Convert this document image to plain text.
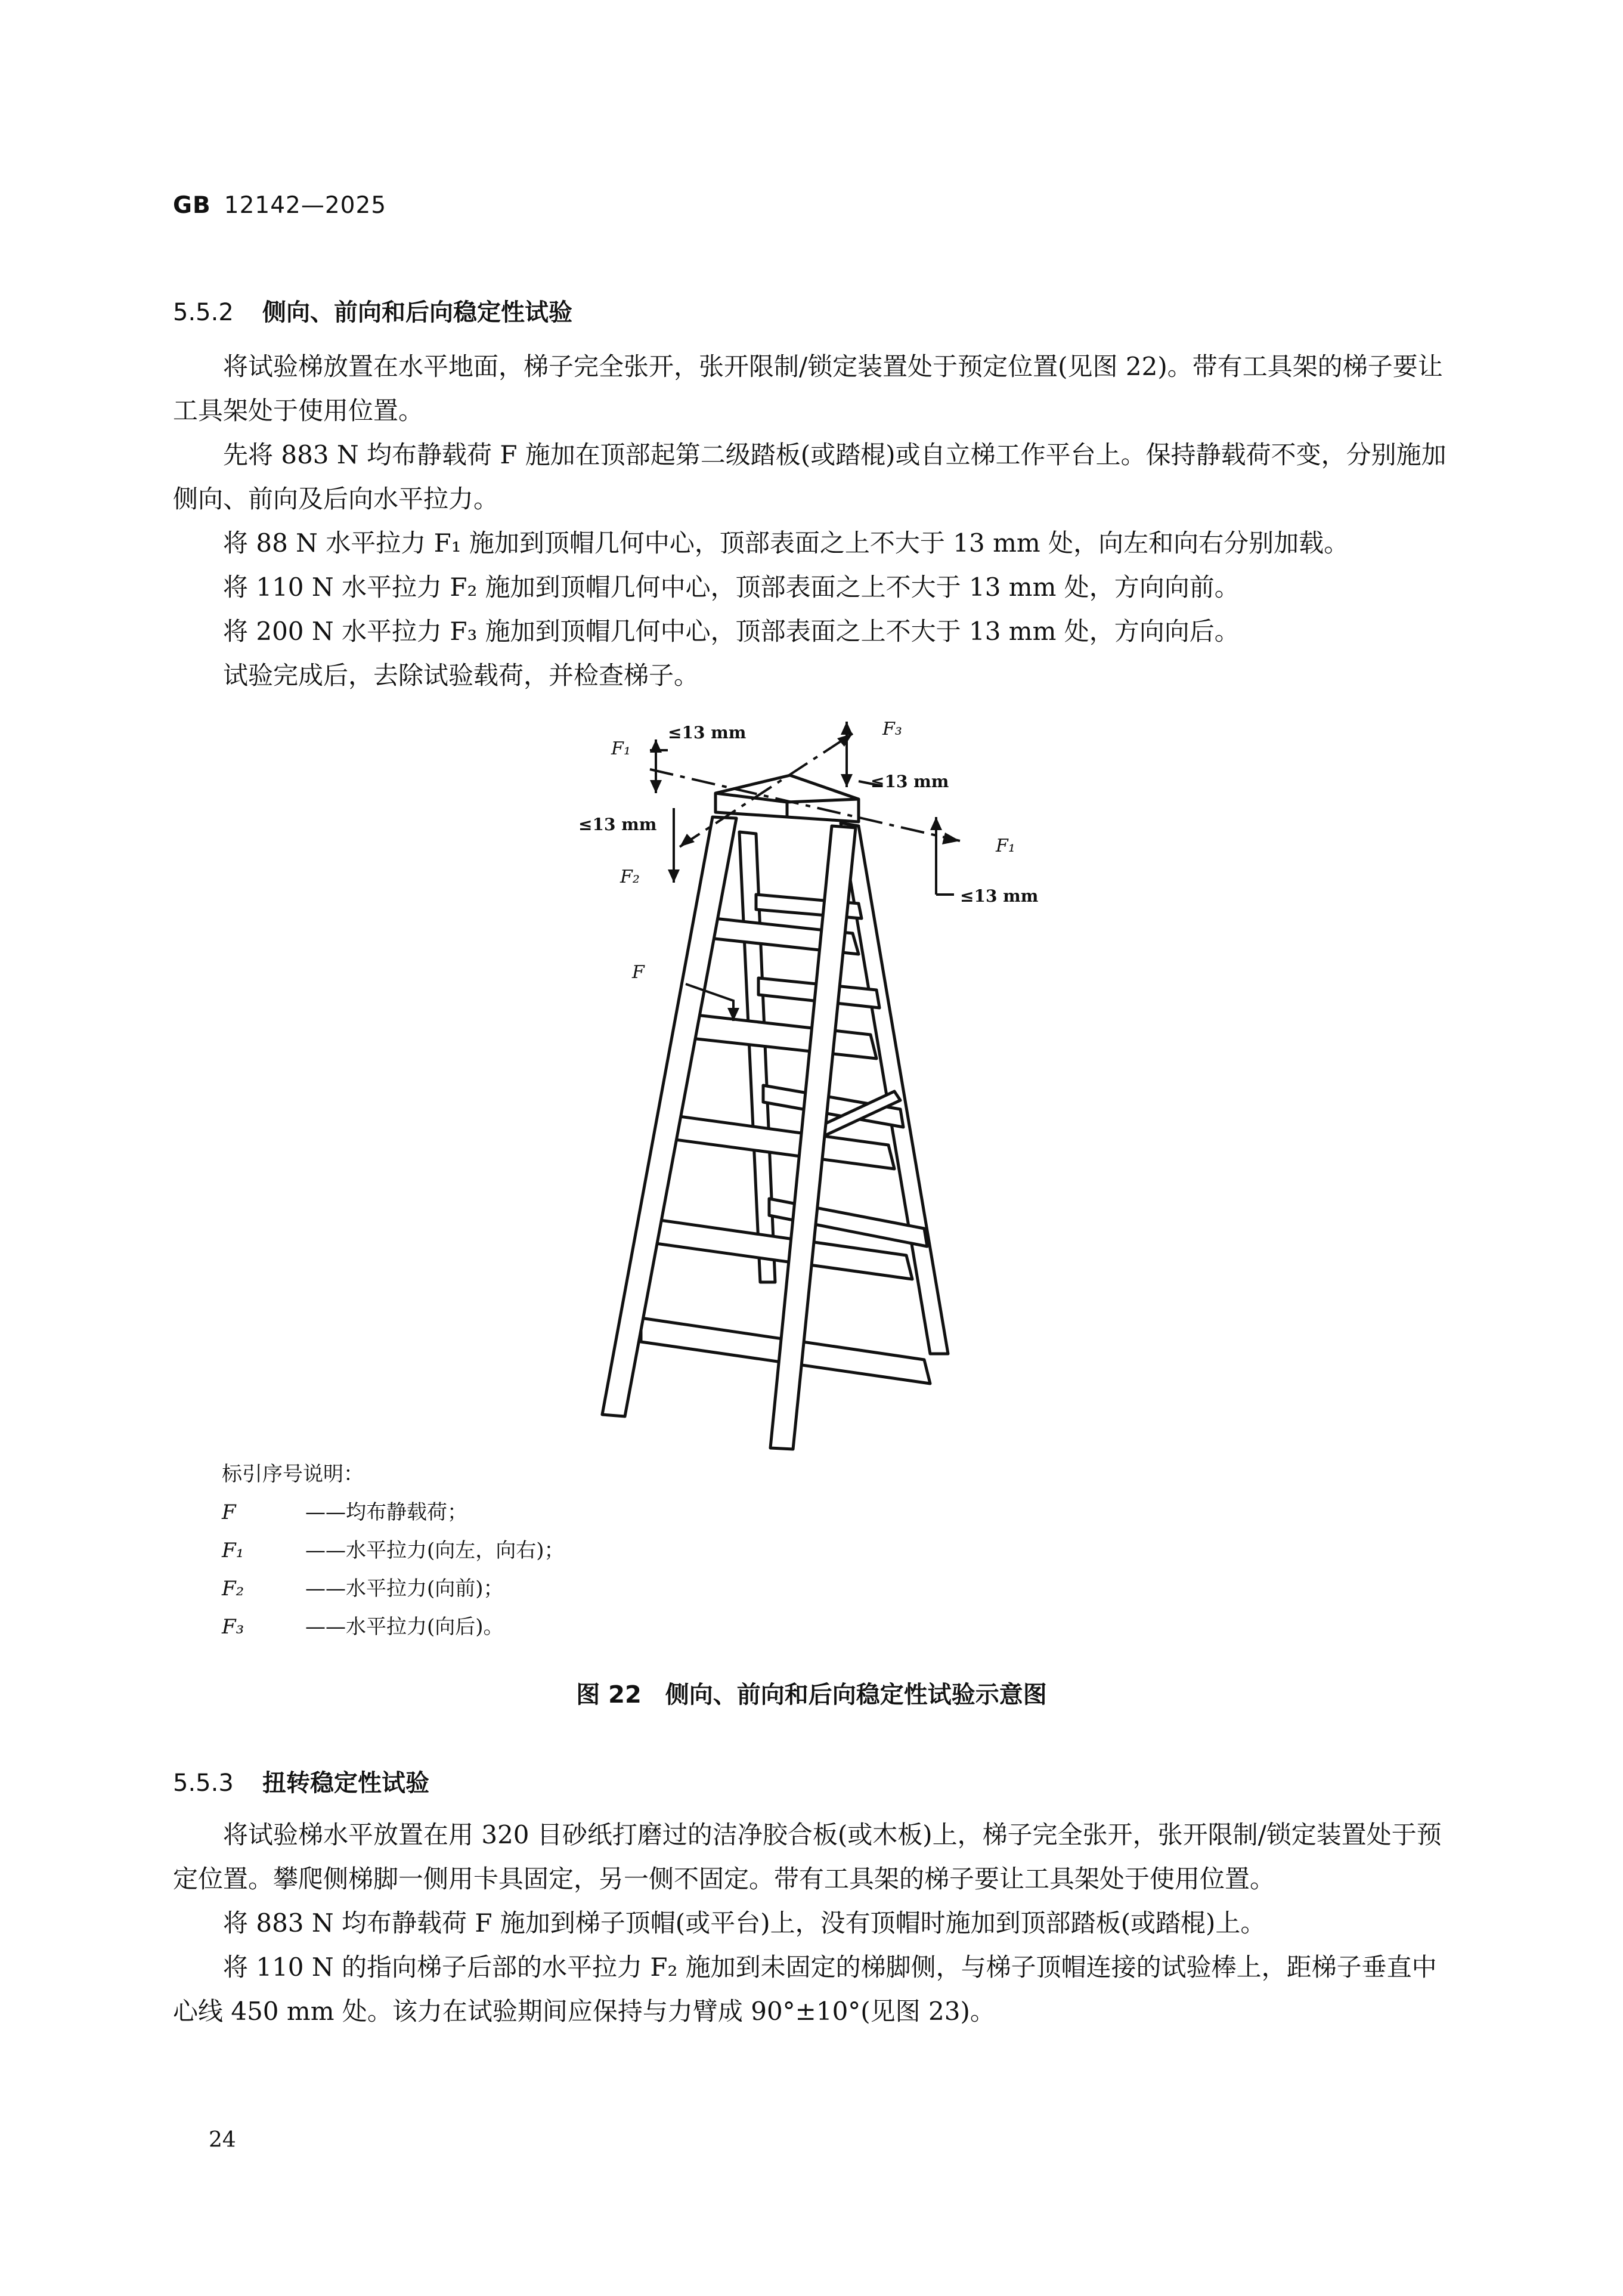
GB 12142—2025
5.5.2 侧向、前向和后向稳定性试验

将试验梯放置在水平地面，梯子完全张开，张开限制/锁定装置处于预定位置(见图 22)。带有工具架的梯子要让工具架处于使用位置。

先将 883 N 均布静载荷 F 施加在顶部起第二级踏板(或踏棍)或自立梯工作平台上。保持静载荷不变，分别施加侧向、前向及后向水平拉力。

将 88 N 水平拉力 F₁ 施加到顶帽几何中心，顶部表面之上不大于 13 mm 处，向左和向右分别加载。

将 110 N 水平拉力 F₂ 施加到顶帽几何中心，顶部表面之上不大于 13 mm 处，方向向前。

将 200 N 水平拉力 F₃ 施加到顶帽几何中心，顶部表面之上不大于 13 mm 处，方向向后。

试验完成后，去除试验载荷，并检查梯子。

F₁
≤13 mm	F₃
≤13 mm
≤13 mm
F₂
F₁
≤13 mm
F
标引序号说明：
F	——均布静载荷；
F₁	——水平拉力(向左，向右)；
F₂	——水平拉力(向前)；
F₃	——水平拉力(向后)。
图 22　侧向、前向和后向稳定性试验示意图
5.5.3 扭转稳定性试验

将试验梯水平放置在用 320 目砂纸打磨过的洁净胶合板(或木板)上，梯子完全张开，张开限制/锁定装置处于预定位置。攀爬侧梯脚一侧用卡具固定，另一侧不固定。带有工具架的梯子要让工具架处于使用位置。

将 883 N 均布静载荷 F 施加到梯子顶帽(或平台)上，没有顶帽时施加到顶部踏板(或踏棍)上。

将 110 N 的指向梯子后部的水平拉力 F₂ 施加到未固定的梯脚侧，与梯子顶帽连接的试验棒上，距梯子垂直中心线 450 mm 处。该力在试验期间应保持与力臂成 90°±10°(见图 23)。

24
